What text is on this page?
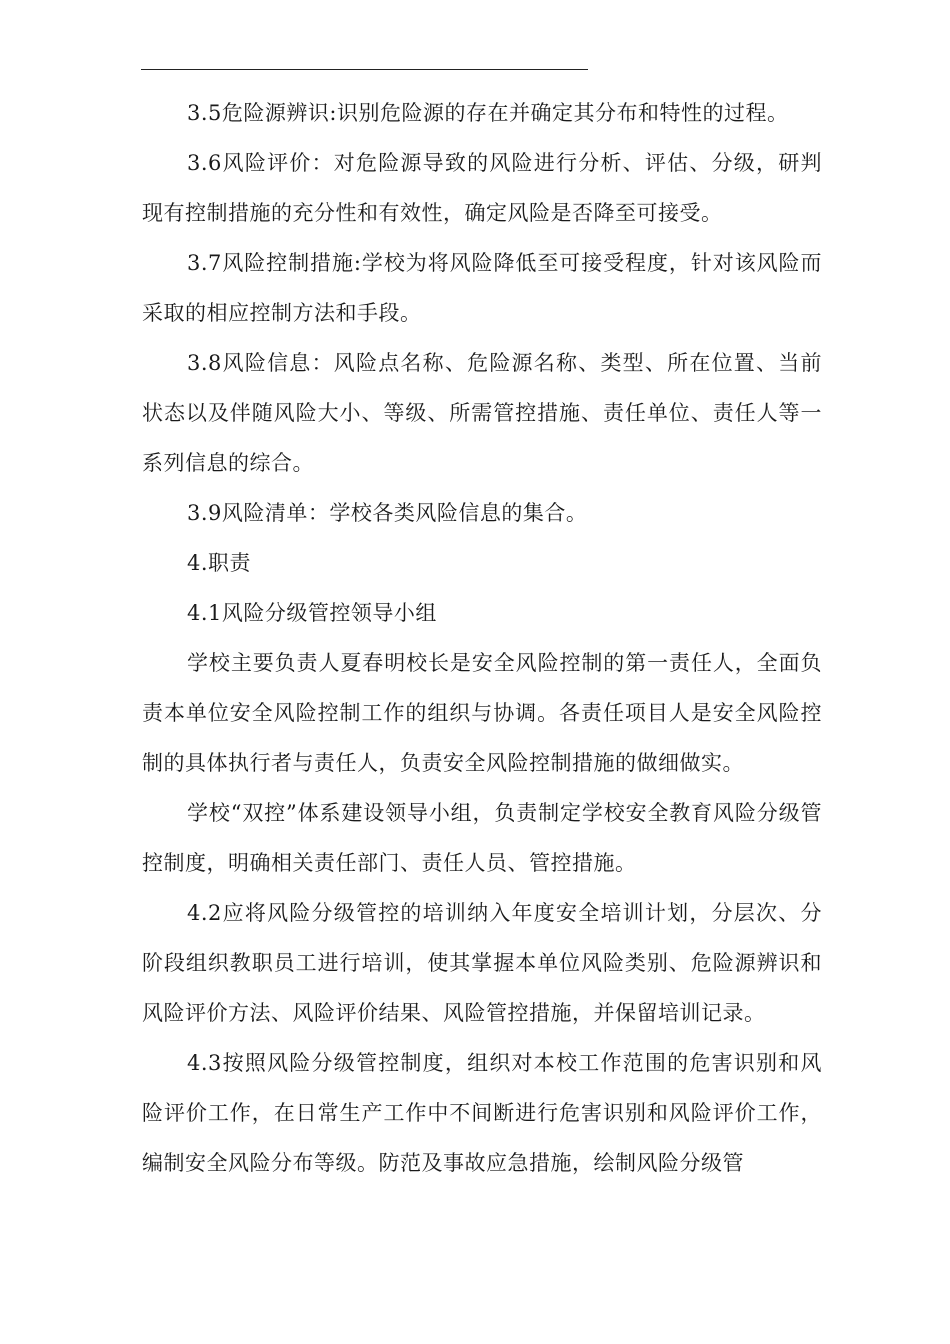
3.5危险源辨识:识别危险源的存在并确定其分布和特性的过程。

3.6风险评价：对危险源导致的风险进行分析、评估、分级，研判现有控制措施的充分性和有效性，确定风险是否降至可接受。

3.7风险控制措施:学校为将风险降低至可接受程度，针对该风险而采取的相应控制方法和手段。

3.8风险信息：风险点名称、危险源名称、类型、所在位置、当前状态以及伴随风险大小、等级、所需管控措施、责任单位、责任人等一系列信息的综合。

3.9风险清单：学校各类风险信息的集合。

4.职责

4.1风险分级管控领导小组

学校主要负责人夏春明校长是安全风险控制的第一责任人，全面负责本单位安全风险控制工作的组织与协调。各责任项目人是安全风险控制的具体执行者与责任人，负责安全风险控制措施的做细做实。

学校“双控”体系建设领导小组，负责制定学校安全教育风险分级管控制度，明确相关责任部门、责任人员、管控措施。

4.2应将风险分级管控的培训纳入年度安全培训计划，分层次、分阶段组织教职员工进行培训，使其掌握本单位风险类别、危险源辨识和风险评价方法、风险评价结果、风险管控措施，并保留培训记录。

4.3按照风险分级管控制度，组织对本校工作范围的危害识别和风险评价工作，在日常生产工作中不间断进行危害识别和风险评价工作，编制安全风险分布等级。防范及事故应急措施，绘制风险分级管
